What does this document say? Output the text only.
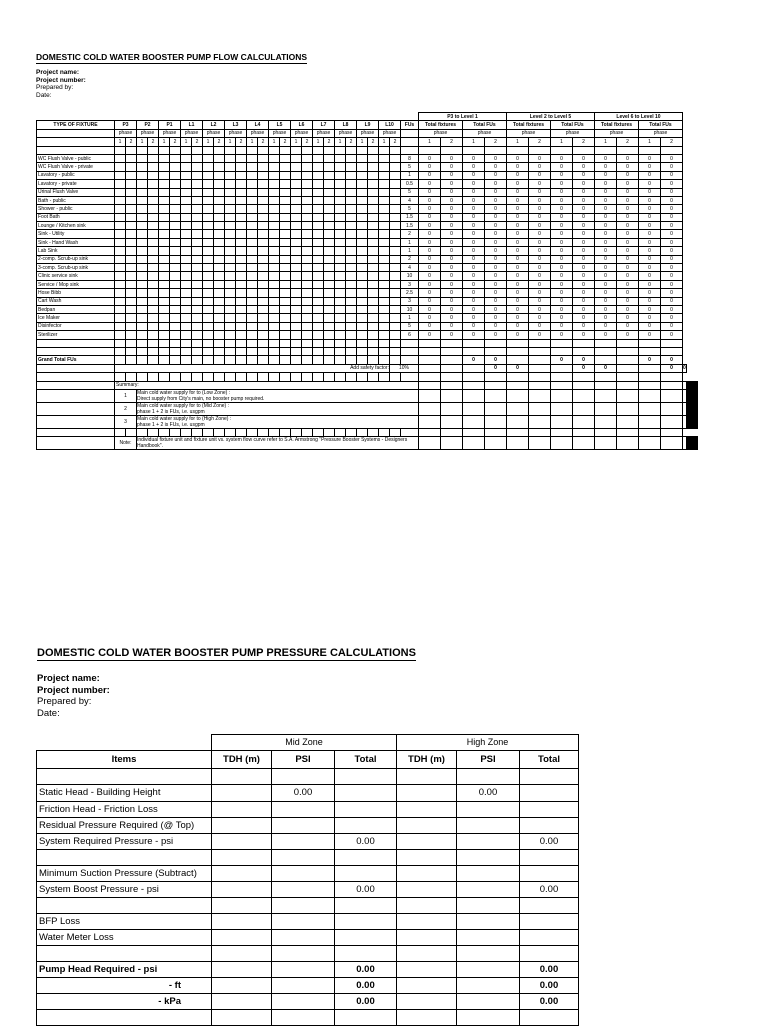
DOMESTIC COLD WATER BOOSTER PUMP FLOW CALCULATIONS
Project name:
Project number:
Prepared by:
Date:
																												P3 to Level 1				Level 2 to Level 5				Level 6 to Level 10										
TYPE OF FIXTURE	P3		P2		P1		L1		L2		L3		L4		L5		L6		L7		L8		L9		L10		FUs	Total fixtures		Total FUs		Total fixtures		Total FUs		Total fixtures		Total FUs								
	phase		phase		phase		phase		phase		phase		phase		phase		phase		phase		phase		phase		phase			phase		phase		phase		phase		phase		phase								
	1	2	1	2	1	2	1	2	1	2	1	2	1	2	1	2	1	2	1	2	1	2	1	2	1	2		1	2	1	2	1	2	1	2	1	2	1	2							

WC Flush Valve - public																											8	0	0	0	0	0	0	0	0	0	0	0	0							
WC Flush Valve - private																											5	0	0	0	0	0	0	0	0	0	0	0	0							
Lavatory - public																											1	0	0	0	0	0	0	0	0	0	0	0	0							
Lavatory - private																											0.5	0	0	0	0	0	0	0	0	0	0	0	0							
Urinal Flush Valve																											5	0	0	0	0	0	0	0	0	0	0	0	0							
Bath - public																											4	0	0	0	0	0	0	0	0	0	0	0	0							
Shower - public																											5	0	0	0	0	0	0	0	0	0	0	0	0							
Foot Bath																											1.5	0	0	0	0	0	0	0	0	0	0	0	0							
Lounge / Kitchen sink																											1.5	0	0	0	0	0	0	0	0	0	0	0	0							
Sink - Utility																											2	0	0	0	0	0	0	0	0	0	0	0	0							
Sink - Hand Wash																											1	0	0	0	0	0	0	0	0	0	0	0	0							
Lab Sink																											1	0	0	0	0	0	0	0	0	0	0	0	0							
2-comp. Scrub-up sink																											2	0	0	0	0	0	0	0	0	0	0	0	0							
3-comp. Scrub-up sink																											4	0	0	0	0	0	0	0	0	0	0	0	0							
Clinic service sink																											10	0	0	0	0	0	0	0	0	0	0	0	0							
Service / Mop sink																											3	0	0	0	0	0	0	0	0	0	0	0	0							
Hose Bibb																											2.5	0	0	0	0	0	0	0	0	0	0	0	0							
Cart Wash																											3	0	0	0	0	0	0	0	0	0	0	0	0							
Bedpan																											10	0	0	0	0	0	0	0	0	0	0	0	0							
Ice Maker																											1	0	0	0	0	0	0	0	0	0	0	0	0							
Disinfector																											5	0	0	0	0	0	0	0	0	0	0	0	0							
Sterilizer																											6	0	0	0	0	0	0	0	0	0	0	0	0							

Grand Total FUs																														0	0			0	0			0	0							
																						Add safety factor:				10%					0	0			0	0			0	0						

	Summary:																																													
	1		Main cold water supply for to (Low Zone) :
Direct supply from City's main, no booster pump required.																																											

	2		Main cold water supply for to (Mid Zone) :
phase 1 + 2 is FUs, i.e. usgpm																																											

	3		Main cold water supply for to (High Zone) :
phase 1 + 2 is FUs, i.e. usgpm																																											

	Note:		Individual fixture unit and fixture unit vs. system flow curve refer to S.A. Armstrong "Pressure Booster Systems - Designers Handbook".																																											
DOMESTIC COLD WATER BOOSTER PUMP PRESSURE CALCULATIONS
Project name:
Project number:
Prepared by:
Date:
	Mid Zone			High Zone		
Items	TDH (m)	PSI	Total	TDH (m)	PSI	Total

Static Head - Building Height		0.00			0.00	
Friction Head - Friction Loss						
Residual Pressure Required (@ Top)						
System Required Pressure - psi			0.00			0.00

Minimum Suction Pressure (Subtract)						
System Boost Pressure - psi			0.00			0.00

BFP Loss						
Water Meter Loss						

Pump Head Required - psi			0.00			0.00
- ft			0.00			0.00
- kPa			0.00			0.00
